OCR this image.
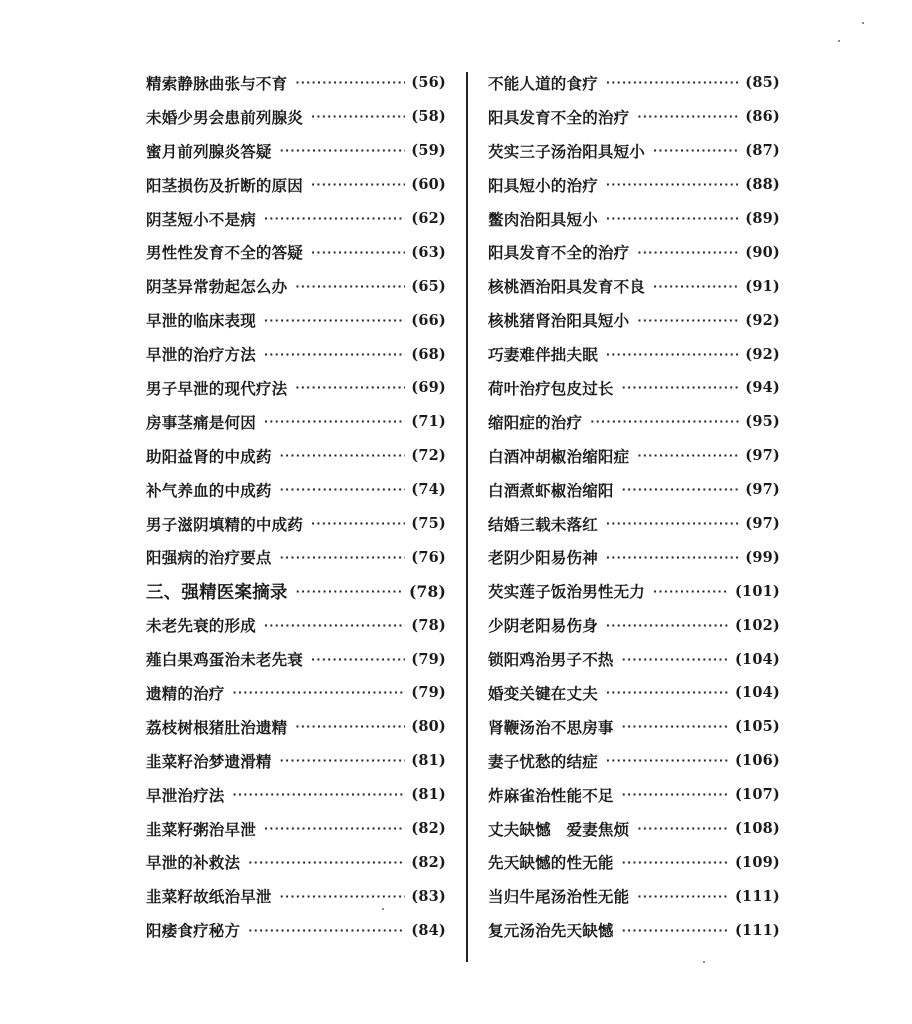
精索静脉曲张与不育 ·····	(56)
未婚少男会患前列腺炎 ·····	(58)
蜜月前列腺炎答疑 ·····	(59)
阳茎损伤及折断的原因 ·····	(60)
阴茎短小不是病 ·····	(62)
男性性发育不全的答疑 ·····	(63)
阴茎异常勃起怎么办 ·····	(65)
早泄的临床表现 ·····	(66)
早泄的治疗方法 ·····	(68)
男子早泄的现代疗法 ·····	(69)
房事茎痛是何因 ·····	(71)
助阳益肾的中成药 ·····	(72)
补气养血的中成药 ·····	(74)
男子滋阴填精的中成药 ·····	(75)
阳强病的治疗要点 ·····	(76)
三、强精医案摘录 ·····	(78)
未老先衰的形成 ·····	(78)
薤白果鸡蛋治未老先衰 ·····	(79)
遗精的治疗 ·····	(79)
荔枝树根猪肚治遗精 ·····	(80)
韭菜籽治梦遗滑精 ·····	(81)
早泄治疗法 ·····	(81)
韭菜籽粥治早泄 ·····	(82)
早泄的补救法 ·····	(82)
韭菜籽故纸治早泄 ·····	(83)
阳痿食疗秘方 ·····	(84)
不能人道的食疗 ·····	(85)
阳具发育不全的治疗 ·····	(86)
芡实三子汤治阳具短小 ·····	(87)
阳具短小的治疗 ·····	(88)
鳖肉治阳具短小 ·····	(89)
阳具发育不全的治疗 ·····	(90)
核桃酒治阳具发育不良 ·····	(91)
核桃猪肾治阳具短小 ·····	(92)
巧妻难伴拙夫眠 ·····	(92)
荷叶治疗包皮过长 ·····	(94)
缩阳症的治疗 ·····	(95)
白酒冲胡椒治缩阳症 ·····	(97)
白酒煮虾椒治缩阳 ·····	(97)
结婚三载未落红 ·····	(97)
老阴少阳易伤神 ·····	(99)
芡实莲子饭治男性无力 ·····	(101)
少阴老阳易伤身 ·····	(102)
锁阳鸡治男子不热 ·····	(104)
婚变关键在丈夫 ·····	(104)
肾鞭汤治不思房事 ·····	(105)
妻子忧愁的结症 ·····	(106)
炸麻雀治性能不足 ·····	(107)
丈夫缺憾　爱妻焦烦 ·····	(108)
先天缺憾的性无能 ·····	(109)
当归牛尾汤治性无能 ·····	(111)
复元汤治先天缺憾 ·····	(111)
